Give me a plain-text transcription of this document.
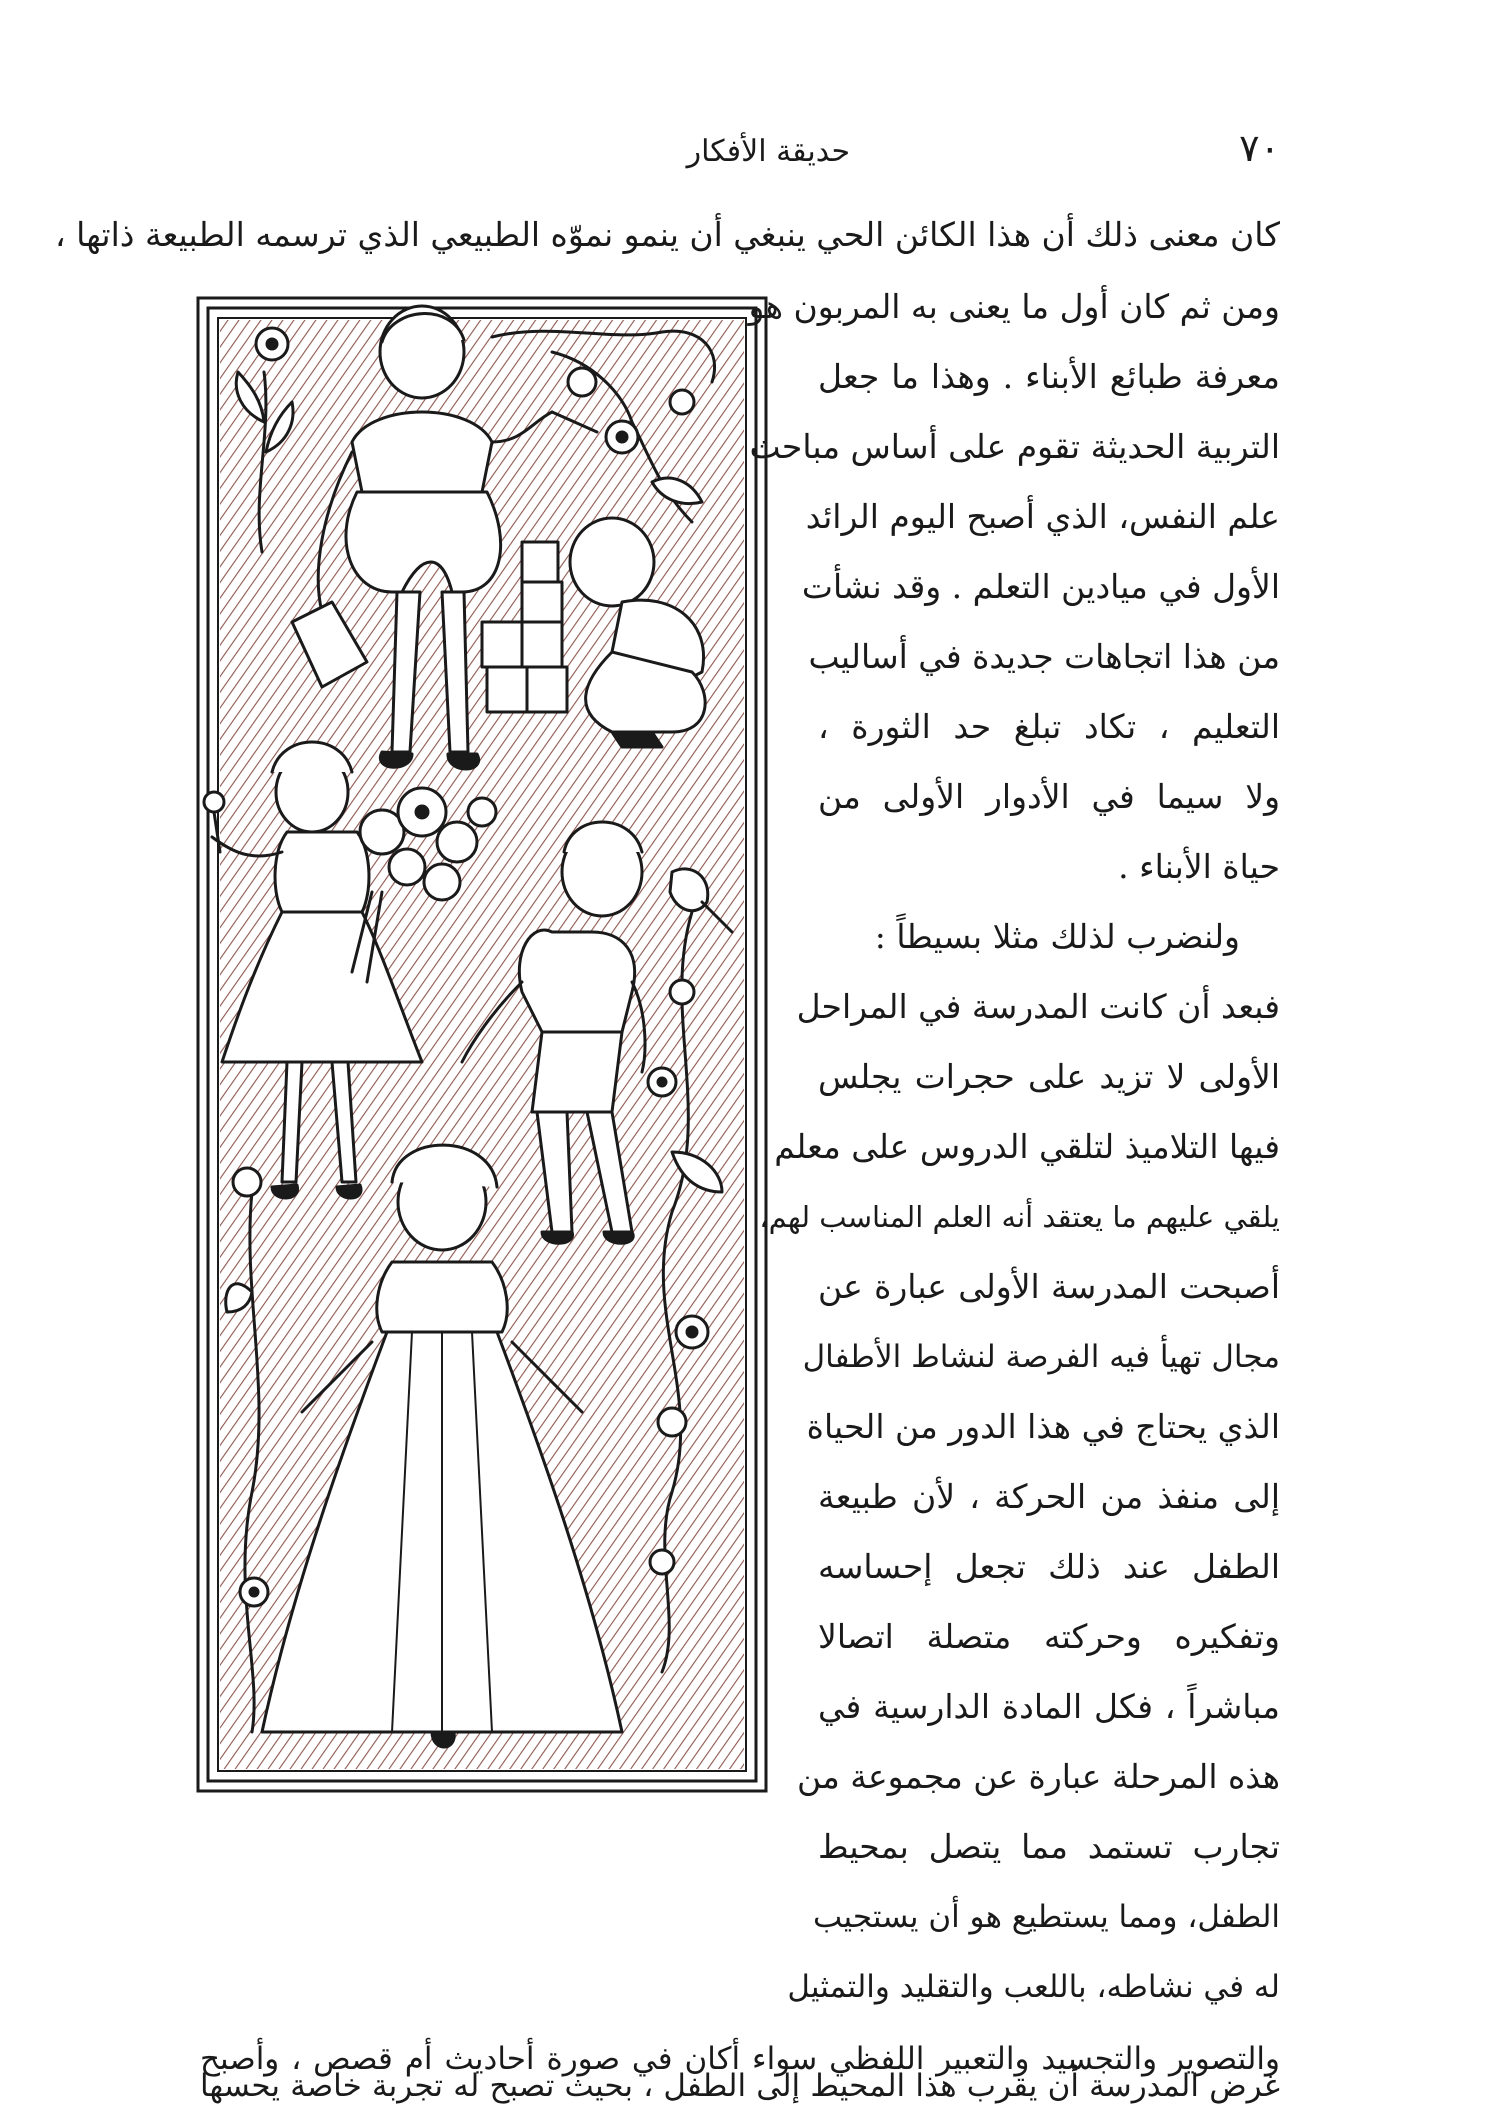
٧٠
حديقة الأفكار
كان معنى ذلك أن هذا الكائن الحي ينبغي أن ينمو نموّه الطبيعي الذي ترسمه الطبيعة ذاتها ،
ومن ثم كان أول ما يعنى به المربون هو
معرفة طبائع الأبناء . وهذا ما جعل
التربية الحديثة تقوم على أساس مباحث
علم النفس، الذي أصبح اليوم الرائد
الأول في ميادين التعلم . وقد نشأت
من هذا اتجاهات جديدة في أساليب
التعليم ، تكاد تبلغ حد الثورة ،
ولا سيما في الأدوار الأولى من
حياة الأبناء .
ولنضرب لذلك مثلا بسيطاً :
فبعد أن كانت المدرسة في المراحل
الأولى لا تزيد على حجرات يجلس
فيها التلاميذ لتلقي الدروس على معلم
يلقي عليهم ما يعتقد أنه العلم المناسب لهم،
أصبحت المدرسة الأولى عبارة عن
مجال تهيأ فيه الفرصة لنشاط الأطفال
الذي يحتاج في هذا الدور من الحياة
إلى منفذ من الحركة ، لأن طبيعة
الطفل عند ذلك تجعل إحساسه
وتفكيره وحركته متصلة اتصالا
مباشراً ، فكل المادة الدارسية في
هذه المرحلة عبارة عن مجموعة من
تجارب تستمد مما يتصل بمحيط
الطفل، ومما يستطيع هو أن يستجيب
له في نشاطه، باللعب والتقليد والتمثيل
والتصوير والتجسيد والتعبير اللفظي سواء أكان في صورة أحاديث أم قصص ، وأصبح
غرض المدرسة أن يقرب هذا المحيط إلى الطفل ، بحيث تصبح له تجربة خاصة يحسها
